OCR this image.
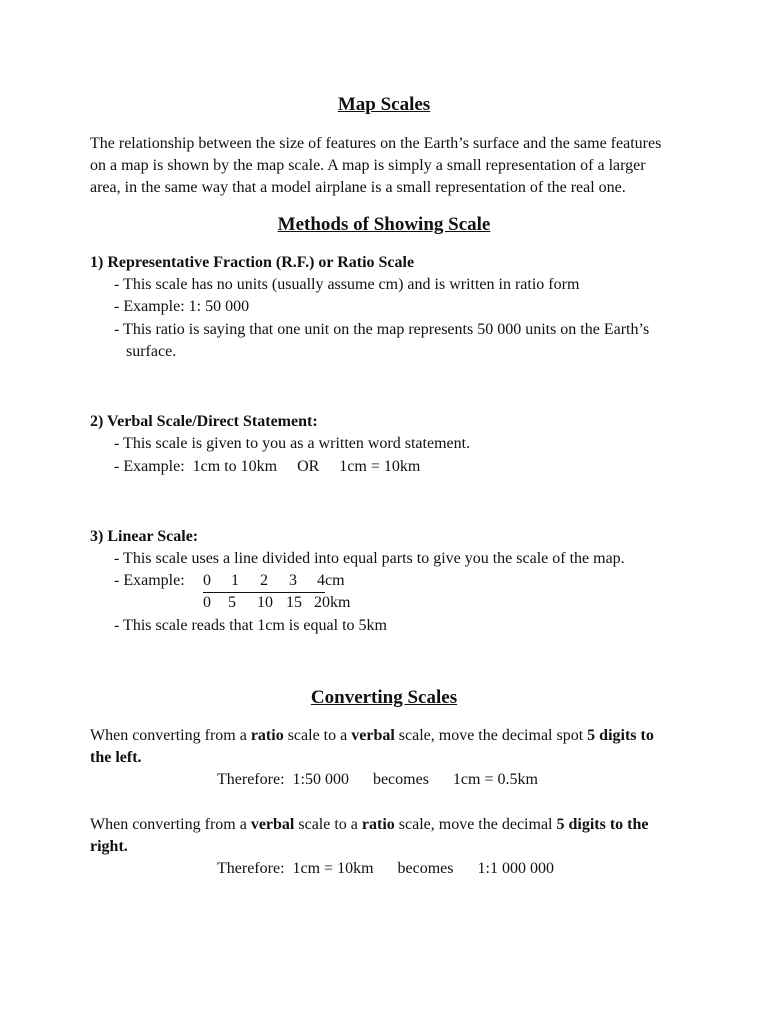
Map Scales
The relationship between the size of features on the Earth’s surface and the same features
on a map is shown by the map scale. A map is simply a small representation of a larger
area, in the same way that a model airplane is a small representation of the real one.
Methods of Showing Scale
1) Representative Fraction (R.F.) or Ratio Scale
- This scale has no units (usually assume cm) and is written in ratio form
- Example: 1: 50 000
- This ratio is saying that one unit on the map represents 50 000 units on the Earth’s
surface.
2) Verbal Scale/Direct Statement:
- This scale is given to you as a written word statement.
- Example:  1cm to 10km     OR     1cm = 10km
3) Linear Scale:
- This scale uses a line divided into equal parts to give you the scale of the map.
- Example: 0 1 2 3 4 cm
0 5 10 15 20 km
- This scale reads that 1cm is equal to 5km
Converting Scales
When converting from a ratio scale to a verbal scale, move the decimal spot 5 digits to
the left.
Therefore:  1:50 000      becomes      1cm = 0.5km
When converting from a verbal scale to a ratio scale, move the decimal 5 digits to the
right.
Therefore:  1cm = 10km      becomes      1:1 000 000
